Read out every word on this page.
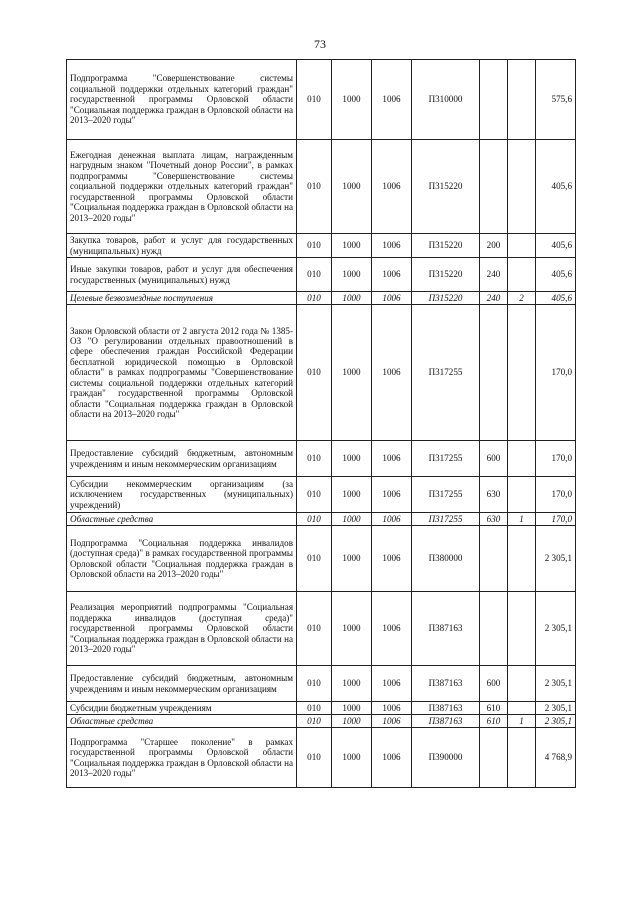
73
Подпрограмма "Совершенствование системы социальной поддержки отдельных категорий граждан" государственной программы Орловской области "Социальная поддержка граждан в Орловской области на 2013–2020 годы"	010	1000	1006	П310000			575,6
Ежегодная денежная выплата лицам, награжденным нагрудным знаком "Почетный донор России", в рамках подпрограммы "Совершенствование системы социальной поддержки отдельных категорий граждан" государственной программы Орловской области "Социальная поддержка граждан в Орловской области на 2013–2020 годы"	010	1000	1006	П315220			405,6
Закупка товаров, работ и услуг для государственных (муниципальных) нужд	010	1000	1006	П315220	200		405,6
Иные закупки товаров, работ и услуг для обеспечения государственных (муниципальных) нужд	010	1000	1006	П315220	240		405,6
Целевые безвозмездные поступления	010	1000	1006	П315220	240	2	405,6
Закон Орловской области от 2 августа 2012 года № 1385-ОЗ "О регулировании отдельных правоотношений в сфере обеспечения граждан Российской Федерации бесплатной юридической помощью в Орловской области" в рамках подпрограммы "Совершенствование системы социальной поддержки отдельных категорий граждан" государственной программы Орловской области "Социальная поддержка граждан в Орловской области на 2013–2020 годы"	010	1000	1006	П317255			170,0
Предоставление субсидий бюджетным, автономным учреждениям и иным некоммерческим организациям	010	1000	1006	П317255	600		170,0
Субсидии некоммерческим организациям (за исключением государственных (муниципальных) учреждений)	010	1000	1006	П317255	630		170,0
Областные средства	010	1000	1006	П317255	630	1	170,0
Подпрограмма "Социальная поддержка инвалидов (доступная среда)" в рамках государственной программы Орловской области "Социальная поддержка граждан в Орловской области на 2013–2020 годы"	010	1000	1006	П380000			2 305,1
Реализация мероприятий подпрограммы "Социальная поддержка инвалидов (доступная среда)" государственной программы Орловской области "Социальная поддержка граждан в Орловской области на 2013–2020 годы"	010	1000	1006	П387163			2 305,1
Предоставление субсидий бюджетным, автономным учреждениям и иным некоммерческим организациям	010	1000	1006	П387163	600		2 305,1
Субсидии бюджетным учреждениям	010	1000	1006	П387163	610		2 305,1
Областные средства	010	1000	1006	П387163	610	1	2 305,1
Подпрограмма "Старшее поколение" в рамках государственной программы Орловской области "Социальная поддержка граждан в Орловской области на 2013–2020 годы"	010	1000	1006	П390000			4 768,9
